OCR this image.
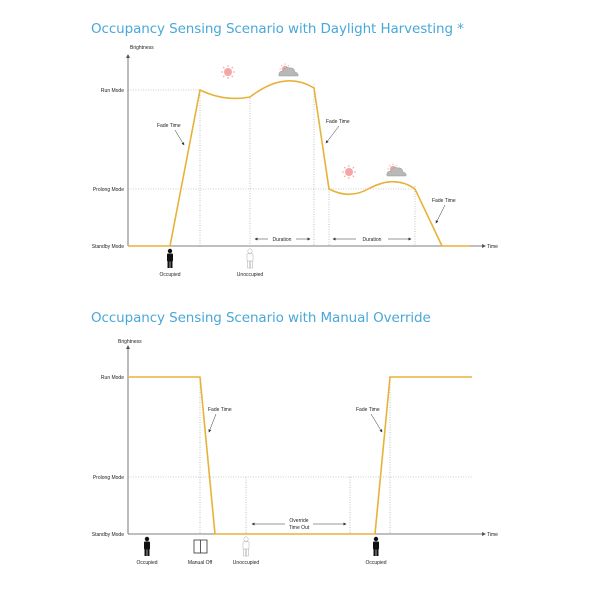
Occupancy Sensing Scenario with Daylight Harvesting *
Occupancy Sensing Scenario with Manual Override
Brightness
Time
Run Mode
Prolong Mode
Standby Mode
Fade Time
Fade Time
Fade Time
Duration	Duration
Occupied	Unoccupied
Brightness
Time
Run Mode
Prolong Mode
Standby Mode
Fade Time	Fade Time
Override
Time Out
Occupied	Manual Off	Unoccupied	Occupied
